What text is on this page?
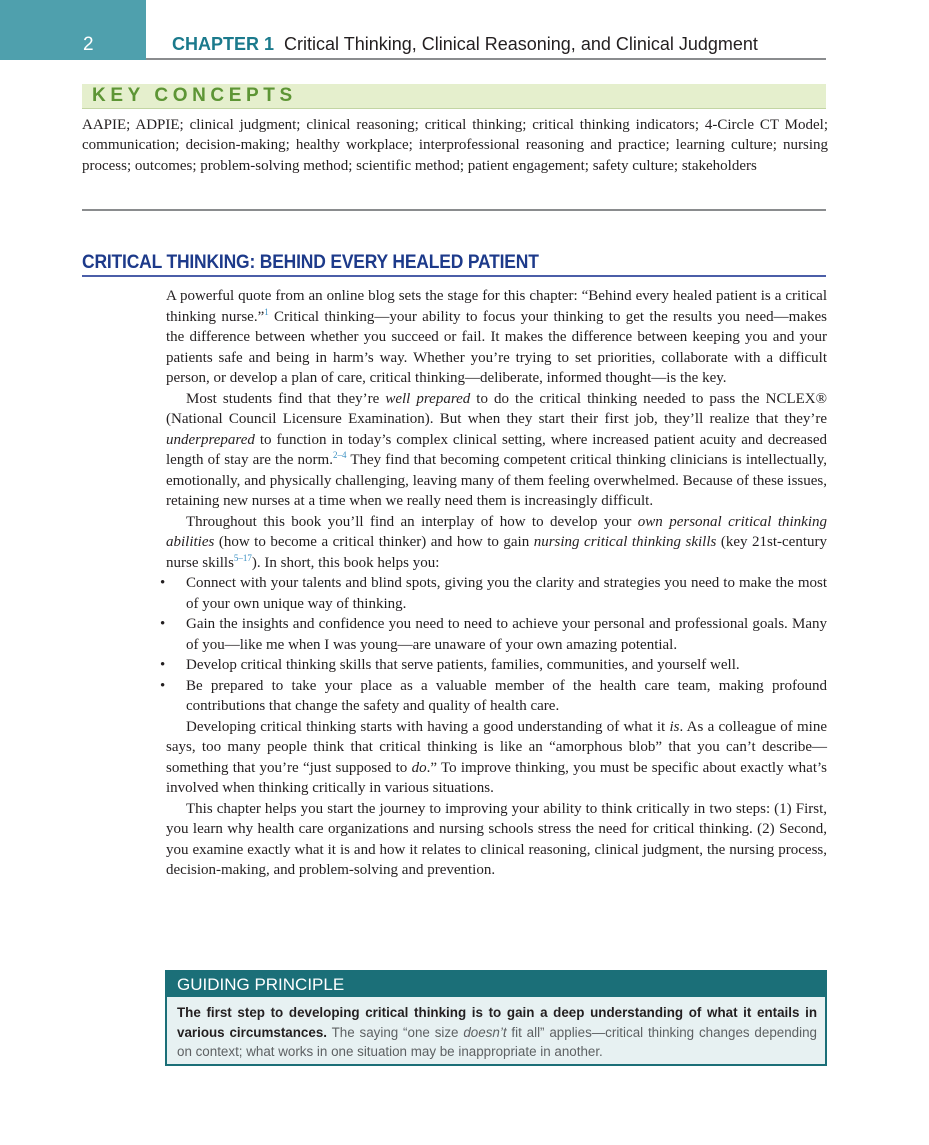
2	CHAPTER 1 Critical Thinking, Clinical Reasoning, and Clinical Judgment
KEY CONCEPTS
AAPIE; ADPIE; clinical judgment; clinical reasoning; critical thinking; critical thinking indicators; 4-Circle CT Model; communication; decision-making; healthy workplace; interprofessional reasoning and practice; learning culture; nursing process; outcomes; problem-solving method; scientific method; patient engagement; safety culture; stakeholders
CRITICAL THINKING: BEHIND EVERY HEALED PATIENT

A powerful quote from an online blog sets the stage for this chapter: “Behind every healed patient is a critical thinking nurse.”$^1$ Critical thinking—your ability to focus your thinking to get the results you need—makes the difference between whether you succeed or fail. It makes the difference between keeping you and your patients safe and being in harm’s way. Whether you’re trying to set priorities, collaborate with a difficult person, or develop a plan of care, critical thinking—deliberate, informed thought—is the key.

Most students find that they’re well prepared to do the critical thinking needed to pass the NCLEX® (National Council Licensure Examination). But when they start their first job, they’ll realize that they’re underprepared to function in today’s complex clinical setting, where increased patient acuity and decreased length of stay are the norm.$^{2-4}$ They find that becoming competent critical thinking clinicians is intellectually, emotionally, and physically challenging, leaving many of them feeling overwhelmed. Because of these issues, retaining new nurses at a time when we really need them is increasingly difficult.

Throughout this book you’ll find an interplay of how to develop your own personal critical thinking abilities (how to become a critical thinker) and how to gain nursing critical thinking skills (key 21st-century nurse skills$^{5-17}$). In short, this book helps you:

• Connect with your talents and blind spots, giving you the clarity and strategies you need to make the most of your own unique way of thinking.
• Gain the insights and confidence you need to need to achieve your personal and professional goals. Many of you—like me when I was young—are unaware of your own amazing potential.
• Develop critical thinking skills that serve patients, families, communities, and yourself well.
• Be prepared to take your place as a valuable member of the health care team, making profound contributions that change the safety and quality of health care.

Developing critical thinking starts with having a good understanding of what it is. As a colleague of mine says, too many people think that critical thinking is like an “amorphous blob” that you can’t describe—something that you’re “just supposed to do.” To improve thinking, you must be specific about exactly what’s involved when thinking critically in various situations.

This chapter helps you start the journey to improving your ability to think critically in two steps: (1) First, you learn why health care organizations and nursing schools stress the need for critical thinking. (2) Second, you examine exactly what it is and how it relates to clinical reasoning, clinical judgment, the nursing process, decision-making, and problem-solving and prevention.

GUIDING PRINCIPLE
The first step to developing critical thinking is to gain a deep understanding of what it entails in various circumstances. The saying “one size doesn’t fit all” applies—critical thinking changes depending on context; what works in one situation may be inappropriate in another.
